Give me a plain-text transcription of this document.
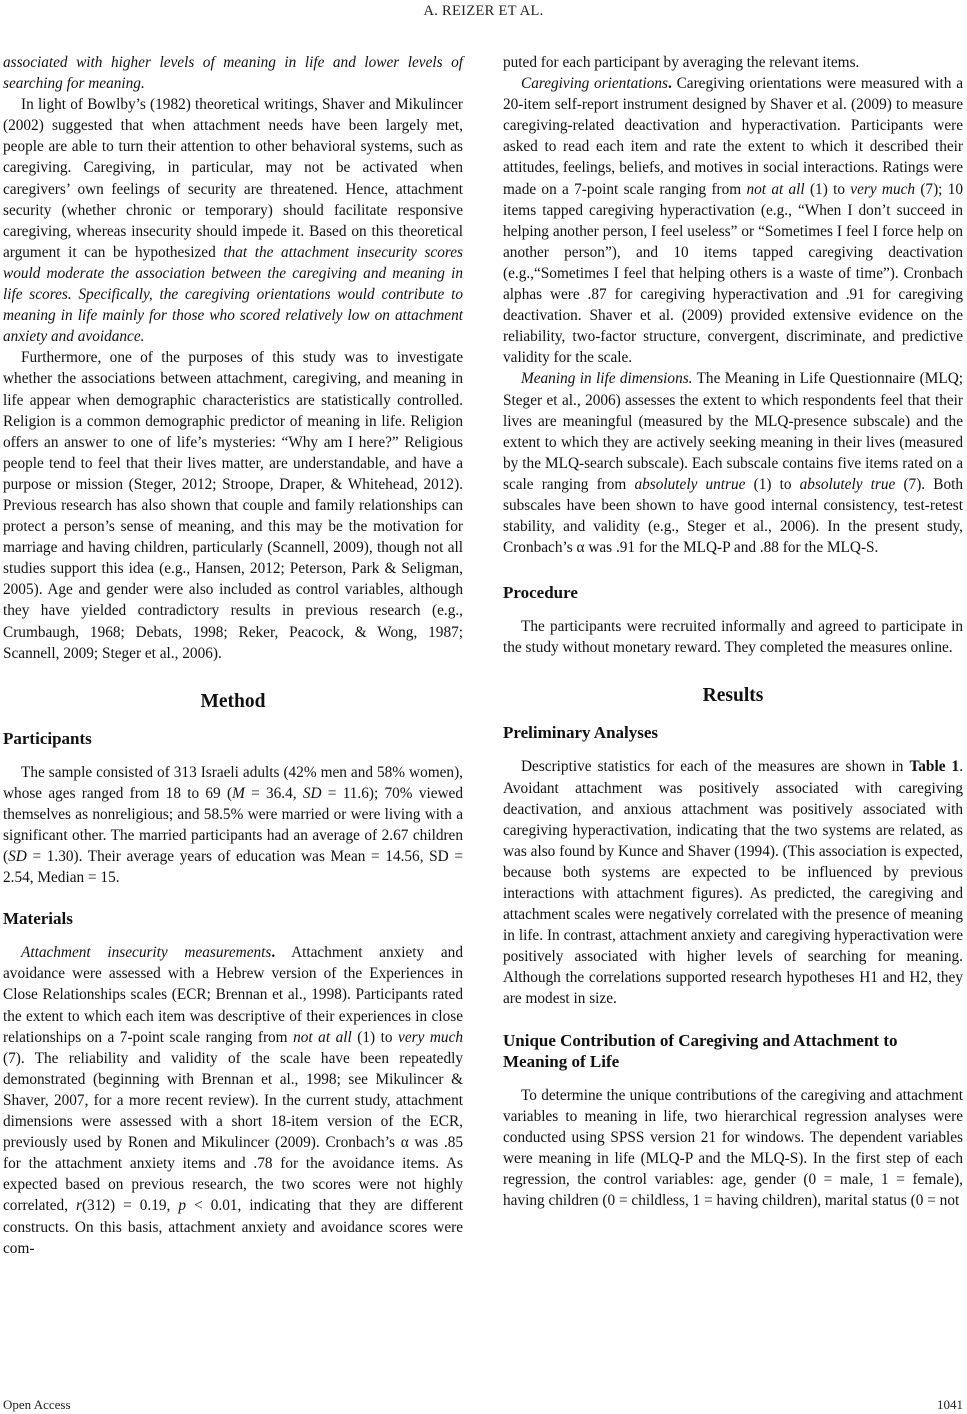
A. REIZER ET AL.

associated with higher levels of meaning in life and lower levels of searching for meaning.

In light of Bowlby’s (1982) theoretical writings, Shaver and Mikulincer (2002) suggested that when attachment needs have been largely met, people are able to turn their attention to other behavioral systems, such as caregiving. Caregiving, in particular, may not be activated when caregivers’ own feelings of security are threatened. Hence, attachment security (whether chronic or temporary) should facilitate responsive caregiving, whereas insecurity should impede it. Based on this theoretical argument it can be hypothesized that the attachment insecurity scores would moderate the association between the caregiving and meaning in life scores. Specifically, the caregiving orientations would contribute to meaning in life mainly for those who scored relatively low on attachment anxiety and avoidance.

Furthermore, one of the purposes of this study was to investigate whether the associations between attachment, caregiving, and meaning in life appear when demographic characteristics are statistically controlled. Religion is a common demographic predictor of meaning in life. Religion offers an answer to one of life’s mysteries: “Why am I here?” Religious people tend to feel that their lives matter, are understandable, and have a purpose or mission (Steger, 2012; Stroope, Draper, & Whitehead, 2012). Previous research has also shown that couple and family relationships can protect a person’s sense of meaning, and this may be the motivation for marriage and having children, particularly (Scannell, 2009), though not all studies support this idea (e.g., Hansen, 2012; Peterson, Park & Seligman, 2005). Age and gender were also included as control variables, although they have yielded contradictory results in previous research (e.g., Crumbaugh, 1968; Debats, 1998; Reker, Peacock, & Wong, 1987; Scannell, 2009; Steger et al., 2006).

Method
Participants

The sample consisted of 313 Israeli adults (42% men and 58% women), whose ages ranged from 18 to 69 (M = 36.4, SD = 11.6); 70% viewed themselves as nonreligious; and 58.5% were married or were living with a significant other. The married participants had an average of 2.67 children (SD = 1.30). Their average years of education was Mean = 14.56, SD = 2.54, Median = 15.

Materials

Attachment insecurity measurements. Attachment anxiety and avoidance were assessed with a Hebrew version of the Experiences in Close Relationships scales (ECR; Brennan et al., 1998). Participants rated the extent to which each item was descriptive of their experiences in close relationships on a 7-point scale ranging from not at all (1) to very much (7). The reliability and validity of the scale have been repeatedly demonstrated (beginning with Brennan et al., 1998; see Mikulincer & Shaver, 2007, for a more recent review). In the current study, attachment dimensions were assessed with a short 18-item version of the ECR, previously used by Ronen and Mikulincer (2009). Cronbach’s α was .85 for the attachment anxiety items and .78 for the avoidance items. As expected based on previous research, the two scores were not highly correlated, r(312) = 0.19, p < 0.01, indicating that they are different constructs. On this basis, attachment anxiety and avoidance scores were com-

puted for each participant by averaging the relevant items.

Caregiving orientations. Caregiving orientations were measured with a 20-item self-report instrument designed by Shaver et al. (2009) to measure caregiving-related deactivation and hyperactivation. Participants were asked to read each item and rate the extent to which it described their attitudes, feelings, beliefs, and motives in social interactions. Ratings were made on a 7-point scale ranging from not at all (1) to very much (7); 10 items tapped caregiving hyperactivation (e.g., “When I don’t succeed in helping another person, I feel useless” or “Sometimes I feel I force help on another person”), and 10 items tapped caregiving deactivation (e.g.,“Sometimes I feel that helping others is a waste of time”). Cronbach alphas were .87 for caregiving hyperactivation and .91 for caregiving deactivation. Shaver et al. (2009) provided extensive evidence on the reliability, two-factor structure, convergent, discriminate, and predictive validity for the scale.

Meaning in life dimensions. The Meaning in Life Questionnaire (MLQ; Steger et al., 2006) assesses the extent to which respondents feel that their lives are meaningful (measured by the MLQ-presence subscale) and the extent to which they are actively seeking meaning in their lives (measured by the MLQ-search subscale). Each subscale contains five items rated on a scale ranging from absolutely untrue (1) to absolutely true (7). Both subscales have been shown to have good internal consistency, test-retest stability, and validity (e.g., Steger et al., 2006). In the present study, Cronbach’s α was .91 for the MLQ-P and .88 for the MLQ-S.

Procedure

The participants were recruited informally and agreed to participate in the study without monetary reward. They completed the measures online.

Results
Preliminary Analyses

Descriptive statistics for each of the measures are shown in Table 1. Avoidant attachment was positively associated with caregiving deactivation, and anxious attachment was positively associated with caregiving hyperactivation, indicating that the two systems are related, as was also found by Kunce and Shaver (1994). (This association is expected, because both systems are expected to be influenced by previous interactions with attachment figures). As predicted, the caregiving and attachment scales were negatively correlated with the presence of meaning in life. In contrast, attachment anxiety and caregiving hyperactivation were positively associated with higher levels of searching for meaning. Although the correlations supported research hypotheses H1 and H2, they are modest in size.

Unique Contribution of Caregiving and Attachment to Meaning of Life

To determine the unique contributions of the caregiving and attachment variables to meaning in life, two hierarchical regression analyses were conducted using SPSS version 21 for windows. The dependent variables were meaning in life (MLQ-P and the MLQ-S). In the first step of each regression, the control variables: age, gender (0 = male, 1 = female), having children (0 = childless, 1 = having children), marital status (0 = not

Open Access	1041
